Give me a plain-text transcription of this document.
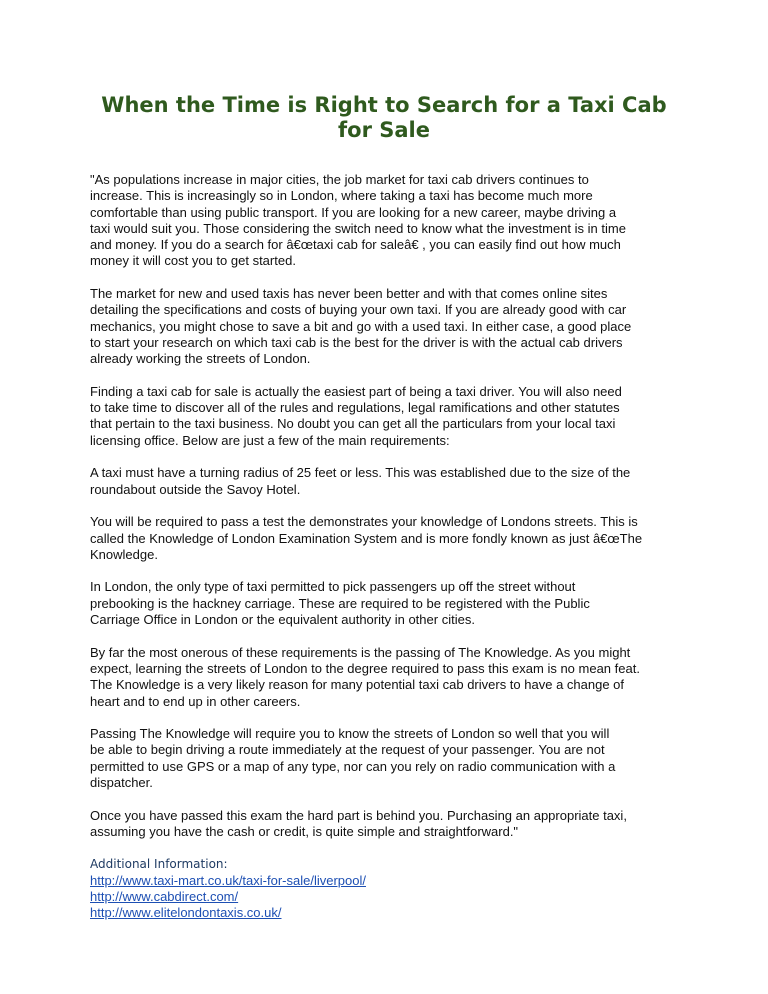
When the Time is Right to Search for a Taxi Cab for Sale

"As populations increase in major cities, the job market for taxi cab drivers continues to
increase. This is increasingly so in London, where taking a taxi has become much more
comfortable than using public transport. If you are looking for a new career, maybe driving a
taxi would suit you. Those considering the switch need to know what the investment is in time
and money. If you do a search for â€œtaxi cab for saleâ€ , you can easily find out how much
money it will cost you to get started.

The market for new and used taxis has never been better and with that comes online sites
detailing the specifications and costs of buying your own taxi. If you are already good with car
mechanics, you might chose to save a bit and go with a used taxi. In either case, a good place
to start your research on which taxi cab is the best for the driver is with the actual cab drivers
already working the streets of London.

Finding a taxi cab for sale is actually the easiest part of being a taxi driver. You will also need
to take time to discover all of the rules and regulations, legal ramifications and other statutes
that pertain to the taxi business. No doubt you can get all the particulars from your local taxi
licensing office. Below are just a few of the main requirements:

A taxi must have a turning radius of 25 feet or less. This was established due to the size of the
roundabout outside the Savoy Hotel.

You will be required to pass a test the demonstrates your knowledge of Londons streets. This is
called the Knowledge of London Examination System and is more fondly known as just â€œThe
Knowledge.

In London, the only type of taxi permitted to pick passengers up off the street without
prebooking is the hackney carriage. These are required to be registered with the Public
Carriage Office in London or the equivalent authority in other cities.

By far the most onerous of these requirements is the passing of The Knowledge. As you might
expect, learning the streets of London to the degree required to pass this exam is no mean feat.
The Knowledge is a very likely reason for many potential taxi cab drivers to have a change of
heart and to end up in other careers.

Passing The Knowledge will require you to know the streets of London so well that you will
be able to begin driving a route immediately at the request of your passenger. You are not
permitted to use GPS or a map of any type, nor can you rely on radio communication with a
dispatcher.

Once you have passed this exam the hard part is behind you. Purchasing an appropriate taxi,
assuming you have the cash or credit, is quite simple and straightforward."

Additional Information:
http://www.taxi-mart.co.uk/taxi-for-sale/liverpool/
http://www.cabdirect.com/
http://www.elitelondontaxis.co.uk/
